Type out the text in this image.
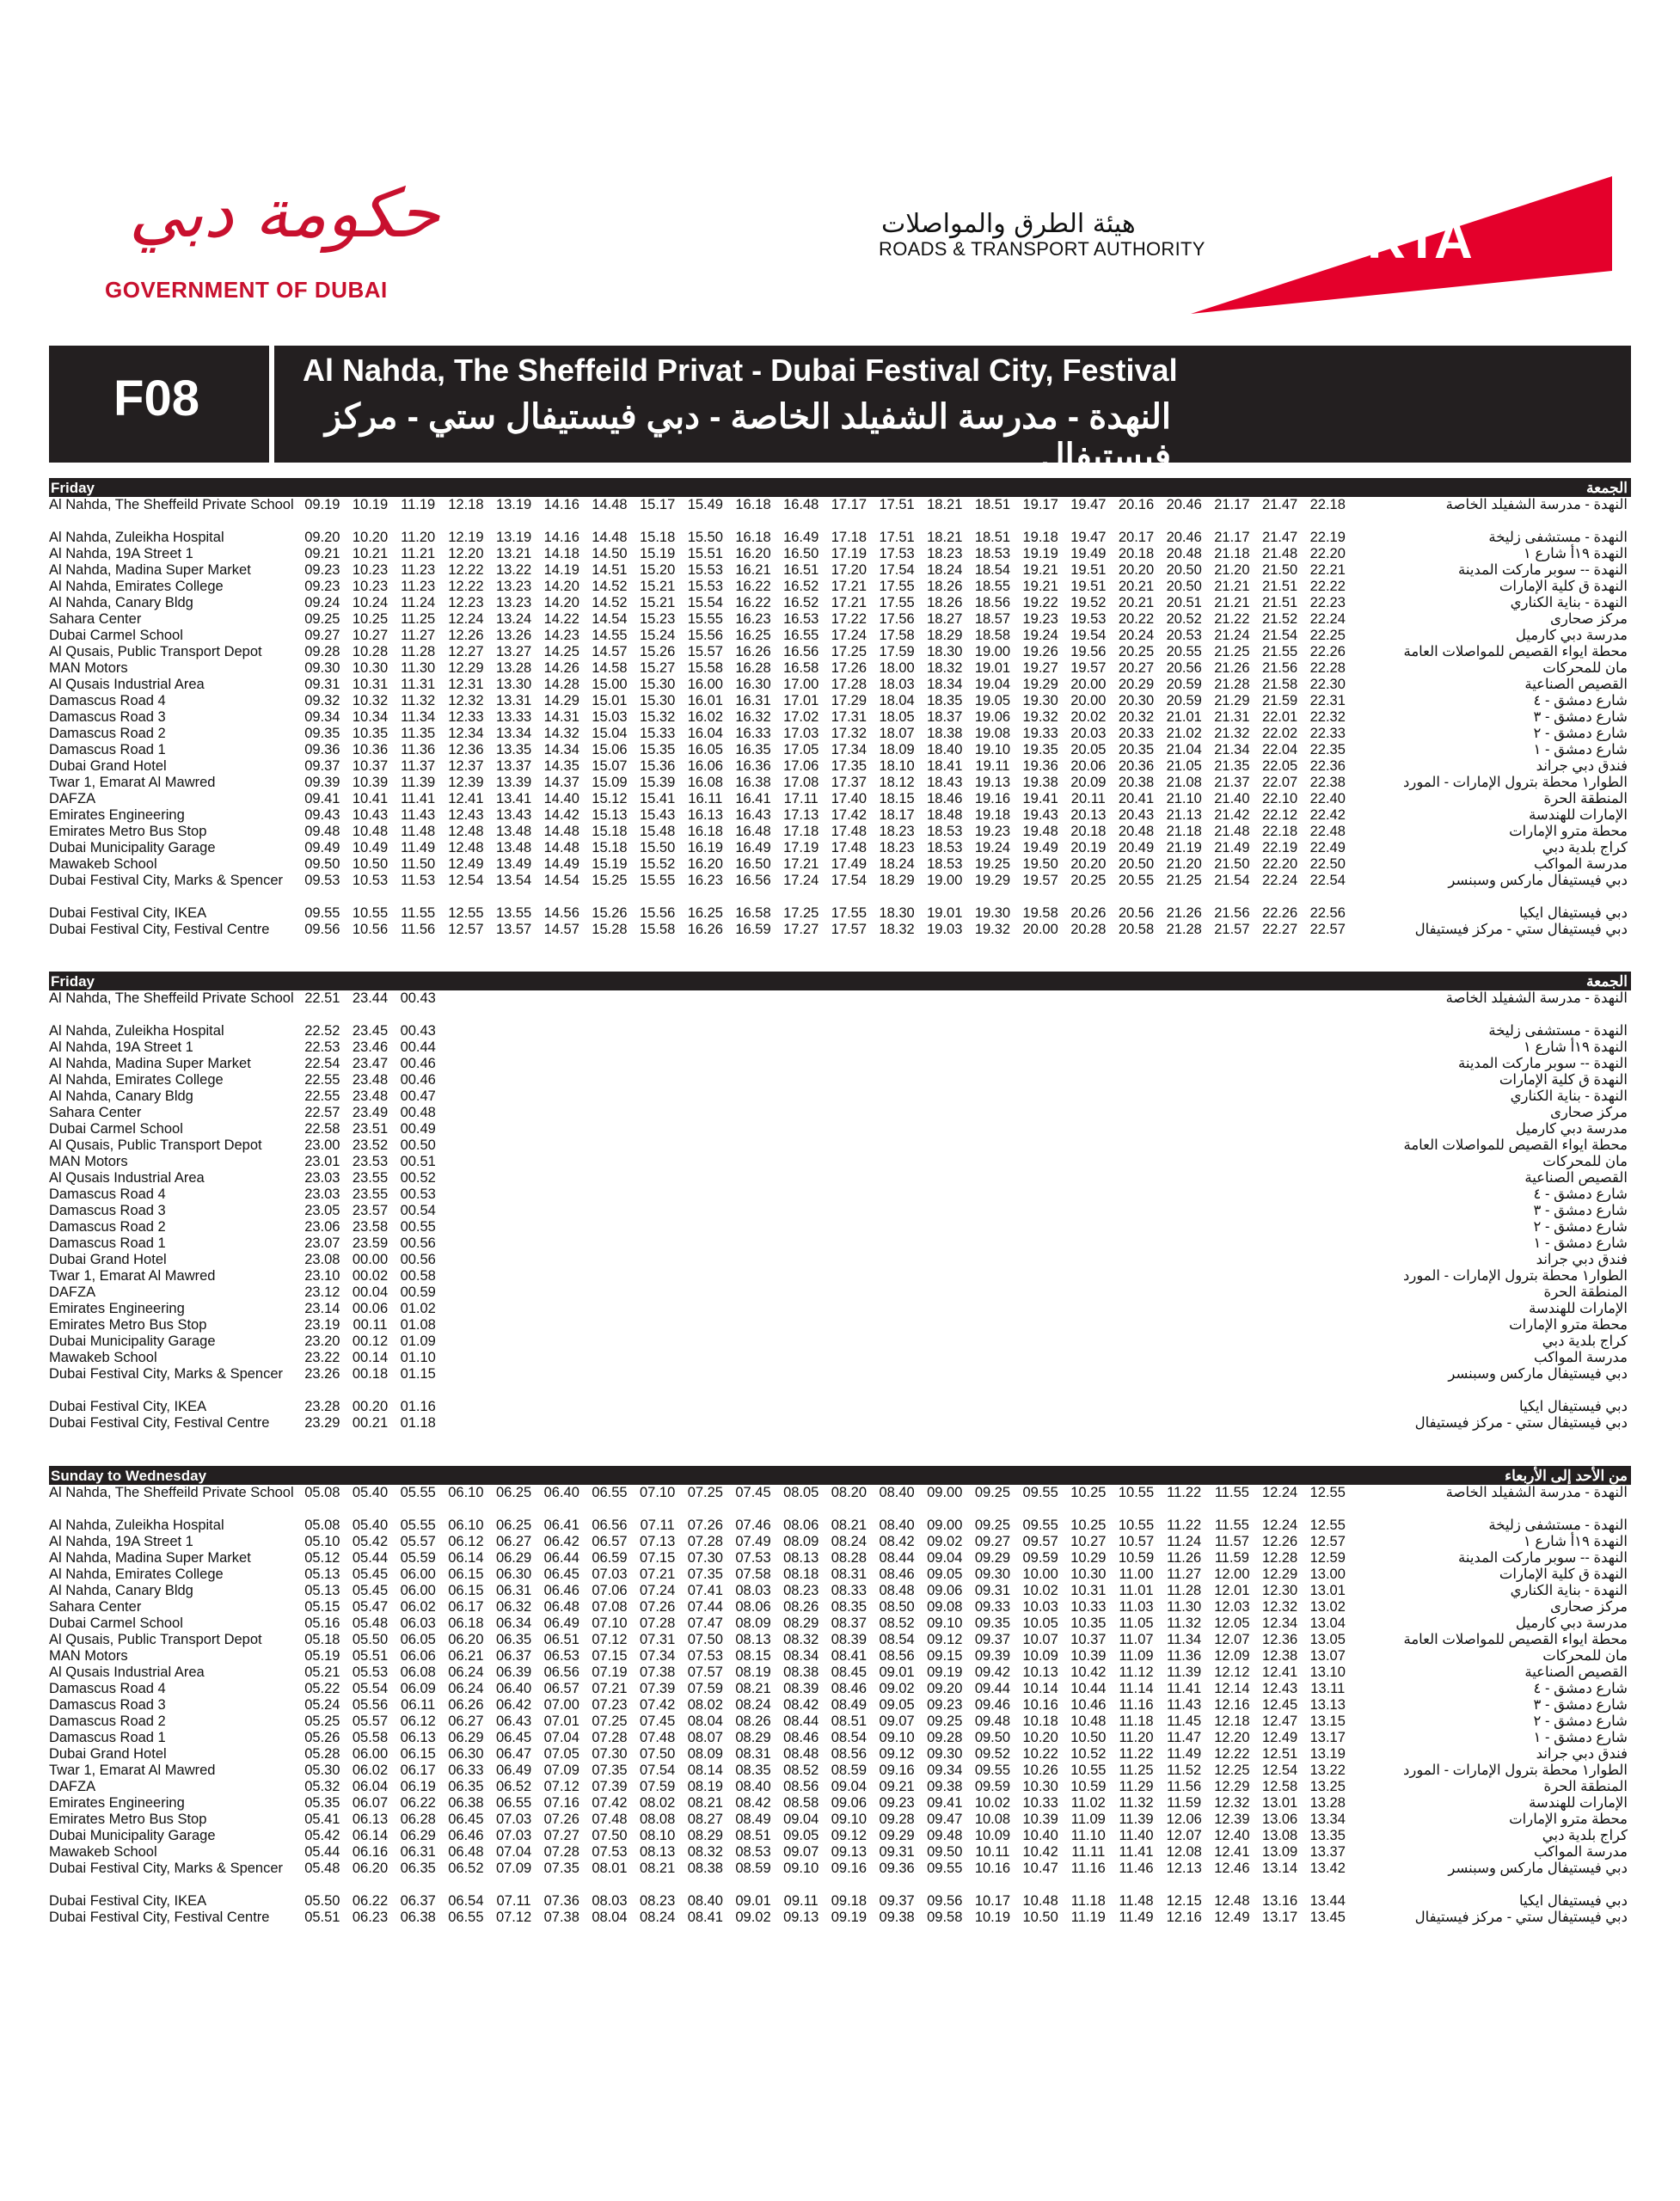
حكومة دبي
GOVERNMENT OF DUBAI
هيئة الطرق والمواصلات
ROADS & TRANSPORT AUTHORITY	RTA
F08
Al Nahda, The Sheffeild Privat - Dubai Festival City, Festival
النهدة - مدرسة الشفيلد الخاصة - دبي فيستيفال ستي - مركز فيستيفال
Friday	الجمعة
Al Nahda, The Sheffeild Private School 09.19 10.19 11.19 12.18 13.19 14.16 14.48 15.17 15.49 16.18 16.48 17.17 17.51 18.21 18.51 19.17 19.47 20.16 20.46 21.17 21.47 22.18	النهدة - مدرسة الشفيلد الخاصة
Al Nahda, Zuleikha Hospital	09.20 10.20 11.20 12.19 13.19 14.16 14.48 15.18 15.50 16.18 16.49 17.18 17.51 18.21 18.51 19.18 19.47 20.17 20.46 21.17 21.47 22.19	النهدة - مستشفى زليخة
Al Nahda, 19A Street 1	09.21 10.21 11.21 12.20 13.21 14.18 14.50 15.19 15.51 16.20 16.50 17.19 17.53 18.23 18.53 19.19 19.49 20.18 20.48 21.18 21.48 22.20	النهدة ١٩أ شارع ١
Al Nahda, Madina Super Market	09.23 10.23 11.23 12.22 13.22 14.19 14.51 15.20 15.53 16.21 16.51 17.20 17.54 18.24 18.54 19.21 19.51 20.20 20.50 21.20 21.50 22.21	النهدة -- سوبر ماركت المدينة
Al Nahda, Emirates College	09.23 10.23 11.23 12.22 13.23 14.20 14.52 15.21 15.53 16.22 16.52 17.21 17.55 18.26 18.55 19.21 19.51 20.21 20.50 21.21 21.51 22.22	النهدة ق كلية الإمارات
Al Nahda, Canary Bldg	09.24 10.24 11.24 12.23 13.23 14.20 14.52 15.21 15.54 16.22 16.52 17.21 17.55 18.26 18.56 19.22 19.52 20.21 20.51 21.21 21.51 22.23	النهدة - بناية الكناري
Sahara Center	09.25 10.25 11.25 12.24 13.24 14.22 14.54 15.23 15.55 16.23 16.53 17.22 17.56 18.27 18.57 19.23 19.53 20.22 20.52 21.22 21.52 22.24	مركز صحارى
Dubai Carmel School	09.27 10.27 11.27 12.26 13.26 14.23 14.55 15.24 15.56 16.25 16.55 17.24 17.58 18.29 18.58 19.24 19.54 20.24 20.53 21.24 21.54 22.25	مدرسة دبي كارميل
Al Qusais, Public Transport Depot	09.28 10.28 11.28 12.27 13.27 14.25 14.57 15.26 15.57 16.26 16.56 17.25 17.59 18.30 19.00 19.26 19.56 20.25 20.55 21.25 21.55 22.26	محطة ايواء القصيص للمواصلات العامة
MAN Motors	09.30 10.30 11.30 12.29 13.28 14.26 14.58 15.27 15.58 16.28 16.58 17.26 18.00 18.32 19.01 19.27 19.57 20.27 20.56 21.26 21.56 22.28	مان للمحركات
Al Qusais Industrial Area	09.31 10.31 11.31 12.31 13.30 14.28 15.00 15.30 16.00 16.30 17.00 17.28 18.03 18.34 19.04 19.29 20.00 20.29 20.59 21.28 21.58 22.30	القصيص الصناعية
Damascus Road 4	09.32 10.32 11.32 12.32 13.31 14.29 15.01 15.30 16.01 16.31 17.01 17.29 18.04 18.35 19.05 19.30 20.00 20.30 20.59 21.29 21.59 22.31	شارع دمشق - ٤
Damascus Road 3	09.34 10.34 11.34 12.33 13.33 14.31 15.03 15.32 16.02 16.32 17.02 17.31 18.05 18.37 19.06 19.32 20.02 20.32 21.01 21.31 22.01 22.32	شارع دمشق - ٣
Damascus Road 2	09.35 10.35 11.35 12.34 13.34 14.32 15.04 15.33 16.04 16.33 17.03 17.32 18.07 18.38 19.08 19.33 20.03 20.33 21.02 21.32 22.02 22.33	شارع دمشق - ٢
Damascus Road 1	09.36 10.36 11.36 12.36 13.35 14.34 15.06 15.35 16.05 16.35 17.05 17.34 18.09 18.40 19.10 19.35 20.05 20.35 21.04 21.34 22.04 22.35	شارع دمشق - ١
Dubai Grand Hotel	09.37 10.37 11.37 12.37 13.37 14.35 15.07 15.36 16.06 16.36 17.06 17.35 18.10 18.41 19.11 19.36 20.06 20.36 21.05 21.35 22.05 22.36	فندق دبي جراند
Twar 1, Emarat Al Mawred	09.39 10.39 11.39 12.39 13.39 14.37 15.09 15.39 16.08 16.38 17.08 17.37 18.12 18.43 19.13 19.38 20.09 20.38 21.08 21.37 22.07 22.38	الطوار١ محطة بترول الإمارات - المورد
DAFZA	09.41 10.41 11.41 12.41 13.41 14.40 15.12 15.41 16.11 16.41 17.11 17.40 18.15 18.46 19.16 19.41 20.11 20.41 21.10 21.40 22.10 22.40	المنطقة الحرة
Emirates Engineering	09.43 10.43 11.43 12.43 13.43 14.42 15.13 15.43 16.13 16.43 17.13 17.42 18.17 18.48 19.18 19.43 20.13 20.43 21.13 21.42 22.12 22.42	الإمارات للهندسة
Emirates Metro Bus Stop	09.48 10.48 11.48 12.48 13.48 14.48 15.18 15.48 16.18 16.48 17.18 17.48 18.23 18.53 19.23 19.48 20.18 20.48 21.18 21.48 22.18 22.48	محطة مترو الإمارات
Dubai Municipality Garage	09.49 10.49 11.49 12.48 13.48 14.48 15.18 15.50 16.19 16.49 17.19 17.48 18.23 18.53 19.24 19.49 20.19 20.49 21.19 21.49 22.19 22.49	كراج بلدية دبي
Mawakeb School	09.50 10.50 11.50 12.49 13.49 14.49 15.19 15.52 16.20 16.50 17.21 17.49 18.24 18.53 19.25 19.50 20.20 20.50 21.20 21.50 22.20 22.50	مدرسة المواكب
Dubai Festival City, Marks & Spencer	09.53 10.53 11.53 12.54 13.54 14.54 15.25 15.55 16.23 16.56 17.24 17.54 18.29 19.00 19.29 19.57 20.25 20.55 21.25 21.54 22.24 22.54	دبي فيستيفال ماركس وسبنسر
Dubai Festival City, IKEA	09.55 10.55 11.55 12.55 13.55 14.56 15.26 15.56 16.25 16.58 17.25 17.55 18.30 19.01 19.30 19.58 20.26 20.56 21.26 21.56 22.26 22.56	دبي فيستيفال ايكيا
Dubai Festival City, Festival Centre	09.56 10.56 11.56 12.57 13.57 14.57 15.28 15.58 16.26 16.59 17.27 17.57 18.32 19.03 19.32 20.00 20.28 20.58 21.28 21.57 22.27 22.57	دبي فيستيفال ستي - مركز فيستيفال
Friday	الجمعة
Al Nahda, The Sheffeild Private School 22.51 23.44 00.43	النهدة - مدرسة الشفيلد الخاصة
Al Nahda, Zuleikha Hospital	22.52 23.45 00.43	النهدة - مستشفى زليخة
Al Nahda, 19A Street 1	22.53 23.46 00.44	النهدة ١٩أ شارع ١
Al Nahda, Madina Super Market	22.54 23.47 00.46	النهدة -- سوبر ماركت المدينة
Al Nahda, Emirates College	22.55 23.48 00.46	النهدة ق كلية الإمارات
Al Nahda, Canary Bldg	22.55 23.48 00.47	النهدة - بناية الكناري
Sahara Center	22.57 23.49 00.48	مركز صحارى
Dubai Carmel School	22.58 23.51 00.49	مدرسة دبي كارميل
Al Qusais, Public Transport Depot	23.00 23.52 00.50	محطة ايواء القصيص للمواصلات العامة
MAN Motors	23.01 23.53 00.51	مان للمحركات
Al Qusais Industrial Area	23.03 23.55 00.52	القصيص الصناعية
Damascus Road 4	23.03 23.55 00.53	شارع دمشق - ٤
Damascus Road 3	23.05 23.57 00.54	شارع دمشق - ٣
Damascus Road 2	23.06 23.58 00.55	شارع دمشق - ٢
Damascus Road 1	23.07 23.59 00.56	شارع دمشق - ١
Dubai Grand Hotel	23.08 00.00 00.56	فندق دبي جراند
Twar 1, Emarat Al Mawred	23.10 00.02 00.58	الطوار١ محطة بترول الإمارات - المورد
DAFZA	23.12 00.04 00.59	المنطقة الحرة
Emirates Engineering	23.14 00.06 01.02	الإمارات للهندسة
Emirates Metro Bus Stop	23.19 00.11 01.08	محطة مترو الإمارات
Dubai Municipality Garage	23.20 00.12 01.09	كراج بلدية دبي
Mawakeb School	23.22 00.14 01.10	مدرسة المواكب
Dubai Festival City, Marks & Spencer	23.26 00.18 01.15	دبي فيستيفال ماركس وسبنسر
Dubai Festival City, IKEA	23.28 00.20 01.16	دبي فيستيفال ايكيا
Dubai Festival City, Festival Centre	23.29 00.21 01.18	دبي فيستيفال ستي - مركز فيستيفال
Sunday to Wednesday	من الأحد إلى الأربعاء
Al Nahda, The Sheffeild Private School 05.08 05.40 05.55 06.10 06.25 06.40 06.55 07.10 07.25 07.45 08.05 08.20 08.40 09.00 09.25 09.55 10.25 10.55 11.22 11.55 12.24 12.55	النهدة - مدرسة الشفيلد الخاصة
Al Nahda, Zuleikha Hospital	05.08 05.40 05.55 06.10 06.25 06.41 06.56 07.11 07.26 07.46 08.06 08.21 08.40 09.00 09.25 09.55 10.25 10.55 11.22 11.55 12.24 12.55	النهدة - مستشفى زليخة
Al Nahda, 19A Street 1	05.10 05.42 05.57 06.12 06.27 06.42 06.57 07.13 07.28 07.49 08.09 08.24 08.42 09.02 09.27 09.57 10.27 10.57 11.24 11.57 12.26 12.57	النهدة ١٩أ شارع ١
Al Nahda, Madina Super Market	05.12 05.44 05.59 06.14 06.29 06.44 06.59 07.15 07.30 07.53 08.13 08.28 08.44 09.04 09.29 09.59 10.29 10.59 11.26 11.59 12.28 12.59	النهدة -- سوبر ماركت المدينة
Al Nahda, Emirates College	05.13 05.45 06.00 06.15 06.30 06.45 07.03 07.21 07.35 07.58 08.18 08.31 08.46 09.05 09.30 10.00 10.30 11.00 11.27 12.00 12.29 13.00	النهدة ق كلية الإمارات
Al Nahda, Canary Bldg	05.13 05.45 06.00 06.15 06.31 06.46 07.06 07.24 07.41 08.03 08.23 08.33 08.48 09.06 09.31 10.02 10.31 11.01 11.28 12.01 12.30 13.01	النهدة - بناية الكناري
Sahara Center	05.15 05.47 06.02 06.17 06.32 06.48 07.08 07.26 07.44 08.06 08.26 08.35 08.50 09.08 09.33 10.03 10.33 11.03 11.30 12.03 12.32 13.02	مركز صحارى
Dubai Carmel School	05.16 05.48 06.03 06.18 06.34 06.49 07.10 07.28 07.47 08.09 08.29 08.37 08.52 09.10 09.35 10.05 10.35 11.05 11.32 12.05 12.34 13.04	مدرسة دبي كارميل
Al Qusais, Public Transport Depot	05.18 05.50 06.05 06.20 06.35 06.51 07.12 07.31 07.50 08.13 08.32 08.39 08.54 09.12 09.37 10.07 10.37 11.07 11.34 12.07 12.36 13.05	محطة ايواء القصيص للمواصلات العامة
MAN Motors	05.19 05.51 06.06 06.21 06.37 06.53 07.15 07.34 07.53 08.15 08.34 08.41 08.56 09.15 09.39 10.09 10.39 11.09 11.36 12.09 12.38 13.07	مان للمحركات
Al Qusais Industrial Area	05.21 05.53 06.08 06.24 06.39 06.56 07.19 07.38 07.57 08.19 08.38 08.45 09.01 09.19 09.42 10.13 10.42 11.12 11.39 12.12 12.41 13.10	القصيص الصناعية
Damascus Road 4	05.22 05.54 06.09 06.24 06.40 06.57 07.21 07.39 07.59 08.21 08.39 08.46 09.02 09.20 09.44 10.14 10.44 11.14 11.41 12.14 12.43 13.11	شارع دمشق - ٤
Damascus Road 3	05.24 05.56 06.11 06.26 06.42 07.00 07.23 07.42 08.02 08.24 08.42 08.49 09.05 09.23 09.46 10.16 10.46 11.16 11.43 12.16 12.45 13.13	شارع دمشق - ٣
Damascus Road 2	05.25 05.57 06.12 06.27 06.43 07.01 07.25 07.45 08.04 08.26 08.44 08.51 09.07 09.25 09.48 10.18 10.48 11.18 11.45 12.18 12.47 13.15	شارع دمشق - ٢
Damascus Road 1	05.26 05.58 06.13 06.29 06.45 07.04 07.28 07.48 08.07 08.29 08.46 08.54 09.10 09.28 09.50 10.20 10.50 11.20 11.47 12.20 12.49 13.17	شارع دمشق - ١
Dubai Grand Hotel	05.28 06.00 06.15 06.30 06.47 07.05 07.30 07.50 08.09 08.31 08.48 08.56 09.12 09.30 09.52 10.22 10.52 11.22 11.49 12.22 12.51 13.19	فندق دبي جراند
Twar 1, Emarat Al Mawred	05.30 06.02 06.17 06.33 06.49 07.09 07.35 07.54 08.14 08.35 08.52 08.59 09.16 09.34 09.55 10.26 10.55 11.25 11.52 12.25 12.54 13.22	الطوار١ محطة بترول الإمارات - المورد
DAFZA	05.32 06.04 06.19 06.35 06.52 07.12 07.39 07.59 08.19 08.40 08.56 09.04 09.21 09.38 09.59 10.30 10.59 11.29 11.56 12.29 12.58 13.25	المنطقة الحرة
Emirates Engineering	05.35 06.07 06.22 06.38 06.55 07.16 07.42 08.02 08.21 08.42 08.58 09.06 09.23 09.41 10.02 10.33 11.02 11.32 11.59 12.32 13.01 13.28	الإمارات للهندسة
Emirates Metro Bus Stop	05.41 06.13 06.28 06.45 07.03 07.26 07.48 08.08 08.27 08.49 09.04 09.10 09.28 09.47 10.08 10.39 11.09 11.39 12.06 12.39 13.06 13.34	محطة مترو الإمارات
Dubai Municipality Garage	05.42 06.14 06.29 06.46 07.03 07.27 07.50 08.10 08.29 08.51 09.05 09.12 09.29 09.48 10.09 10.40 11.10 11.40 12.07 12.40 13.08 13.35	كراج بلدية دبي
Mawakeb School	05.44 06.16 06.31 06.48 07.04 07.28 07.53 08.13 08.32 08.53 09.07 09.13 09.31 09.50 10.11 10.42 11.11 11.41 12.08 12.41 13.09 13.37	مدرسة المواكب
Dubai Festival City, Marks & Spencer	05.48 06.20 06.35 06.52 07.09 07.35 08.01 08.21 08.38 08.59 09.10 09.16 09.36 09.55 10.16 10.47 11.16 11.46 12.13 12.46 13.14 13.42	دبي فيستيفال ماركس وسبنسر
Dubai Festival City, IKEA	05.50 06.22 06.37 06.54 07.11 07.36 08.03 08.23 08.40 09.01 09.11 09.18 09.37 09.56 10.17 10.48 11.18 11.48 12.15 12.48 13.16 13.44	دبي فيستيفال ايكيا
Dubai Festival City, Festival Centre	05.51 06.23 06.38 06.55 07.12 07.38 08.04 08.24 08.41 09.02 09.13 09.19 09.38 09.58 10.19 10.50 11.19 11.49 12.16 12.49 13.17 13.45	دبي فيستيفال ستي - مركز فيستيفال
